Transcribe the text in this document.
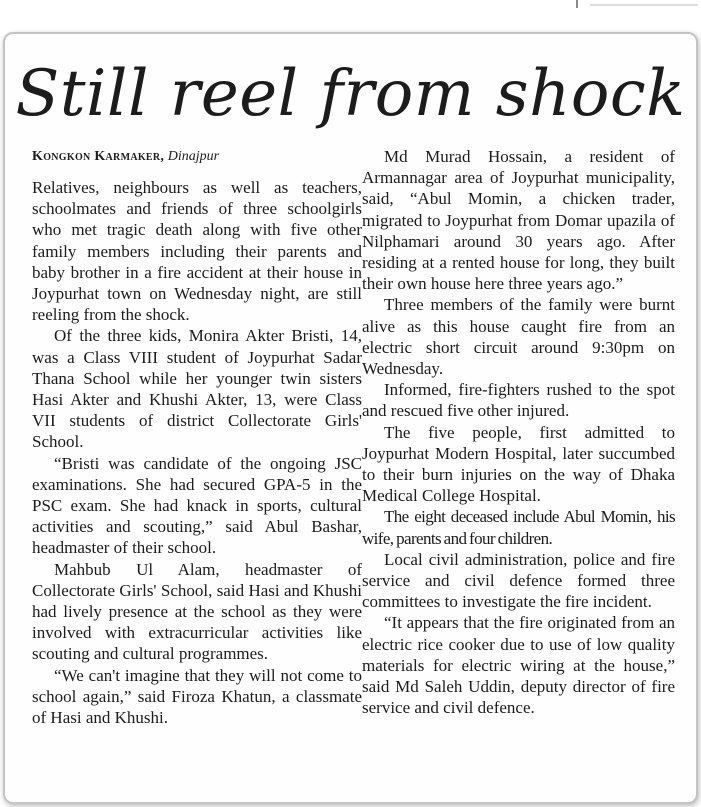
Still reel from shock
Kongkon Karmaker, Dinajpur

Relatives, neighbours as well as teachers, schoolmates and friends of three schoolgirls who met tragic death along with five other family members including their parents and baby brother in a fire accident at their house in Joypurhat town on Wednesday night, are still reeling from the shock.

Of the three kids, Monira Akter Bristi, 14, was a Class VIII student of Joypurhat Sadar Thana School while her younger twin sisters Hasi Akter and Khushi Akter, 13, were Class VII students of district Collectorate Girls' School.

“Bristi was candidate of the ongoing JSC examinations. She had secured GPA-5 in the PSC exam. She had knack in sports, cultural activities and scouting,” said Abul Bashar, headmaster of their school.

Mahbub Ul Alam, headmaster of Collectorate Girls' School, said Hasi and Khushi had lively presence at the school as they were involved with extracurricular activities like scouting and cultural programmes.

“We can't imagine that they will not come to school again,” said Firoza Khatun, a classmate of Hasi and Khushi.

Md Murad Hossain, a resident of Armannagar area of Joypurhat municipality, said, “Abul Momin, a chicken trader, migrated to Joypurhat from Domar upazila of Nilphamari around 30 years ago. After residing at a rented house for long, they built their own house here three years ago.”

Three members of the family were burnt alive as this house caught fire from an electric short circuit around 9:30pm on Wednesday.

Informed, fire-fighters rushed to the spot and rescued five other injured.

The five people, first admitted to Joypurhat Modern Hospital, later succumbed to their burn injuries on the way of Dhaka Medical College Hospital.

The eight deceased include Abul Momin, his wife, parents and four children.

Local civil administration, police and fire service and civil defence formed three committees to investigate the fire incident.

“It appears that the fire originated from an electric rice cooker due to use of low quality materials for electric wiring at the house,” said Md Saleh Uddin, deputy director of fire service and civil defence.
